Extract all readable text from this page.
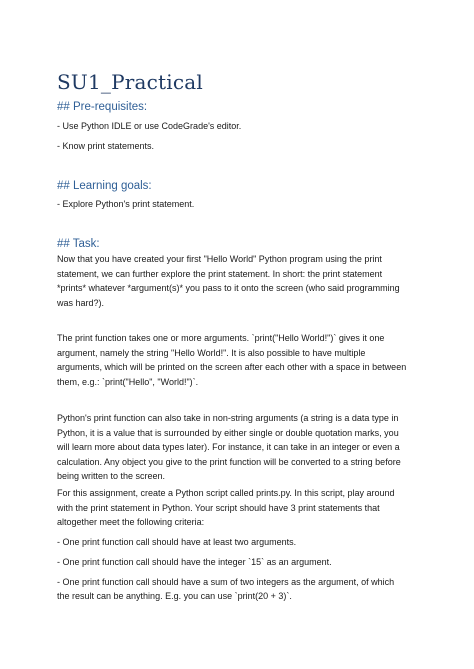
SU1_Practical
## Pre-requisites:
- Use Python IDLE or use CodeGrade's editor.
- Know print statements.
## Learning goals:
- Explore Python's print statement.
## Task:
Now that you have created your first "Hello World" Python program using the print
statement, we can further explore the print statement. In short: the print statement
*prints* whatever *argument(s)* you pass to it onto the screen (who said programming
was hard?).
The print function takes one or more arguments. `print("Hello World!")` gives it one
argument, namely the string "Hello World!". It is also possible to have multiple
arguments, which will be printed on the screen after each other with a space in between
them, e.g.: `print("Hello", "World!")`.
Python's print function can also take in non-string arguments (a string is a data type in
Python, it is a value that is surrounded by either single or double quotation marks, you
will learn more about data types later). For instance, it can take in an integer or even a
calculation. Any object you give to the print function will be converted to a string before
being written to the screen.
For this assignment, create a Python script called prints.py. In this script, play around
with the print statement in Python. Your script should have 3 print statements that
altogether meet the following criteria:
- One print function call should have at least two arguments.
- One print function call should have the integer `15` as an argument.
- One print function call should have a sum of two integers as the argument, of which
the result can be anything. E.g. you can use `print(20 + 3)`.
